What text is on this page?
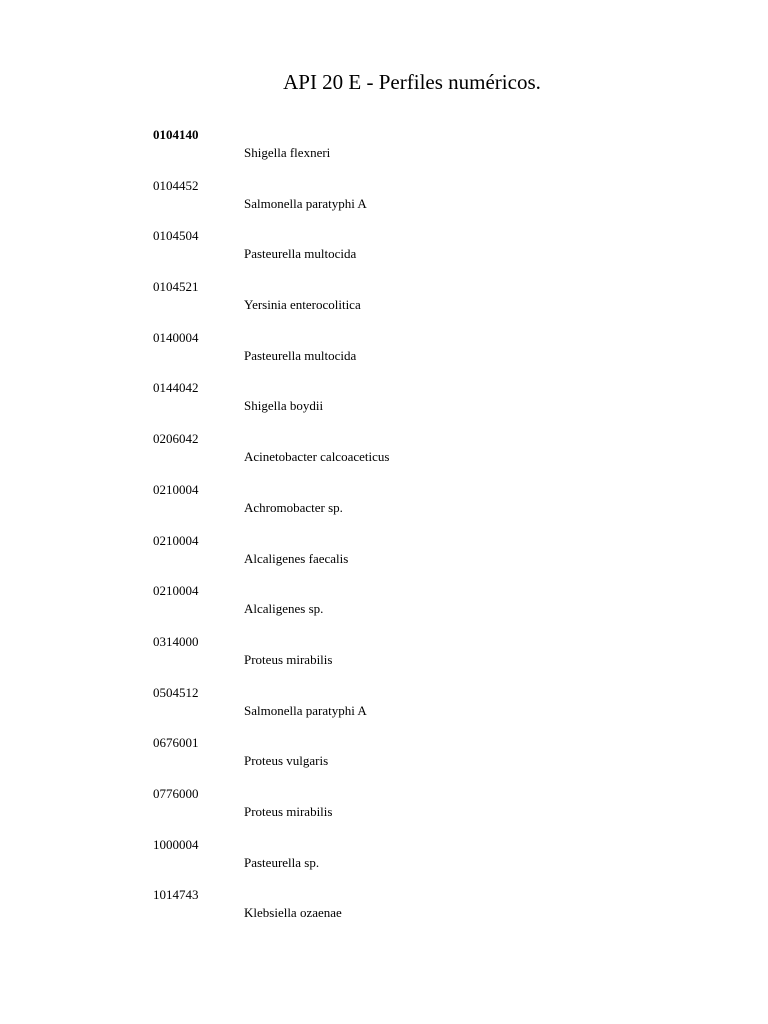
API 20 E - Perfiles numéricos.
0104140
Shigella flexneri
0104452
Salmonella paratyphi A
0104504
Pasteurella multocida
0104521
Yersinia enterocolitica
0140004
Pasteurella multocida
0144042
Shigella boydii
0206042
Acinetobacter calcoaceticus
0210004
Achromobacter sp.
0210004
Alcaligenes faecalis
0210004
Alcaligenes sp.
0314000
Proteus mirabilis
0504512
Salmonella paratyphi A
0676001
Proteus vulgaris
0776000
Proteus mirabilis
1000004
Pasteurella sp.
1014743
Klebsiella ozaenae
